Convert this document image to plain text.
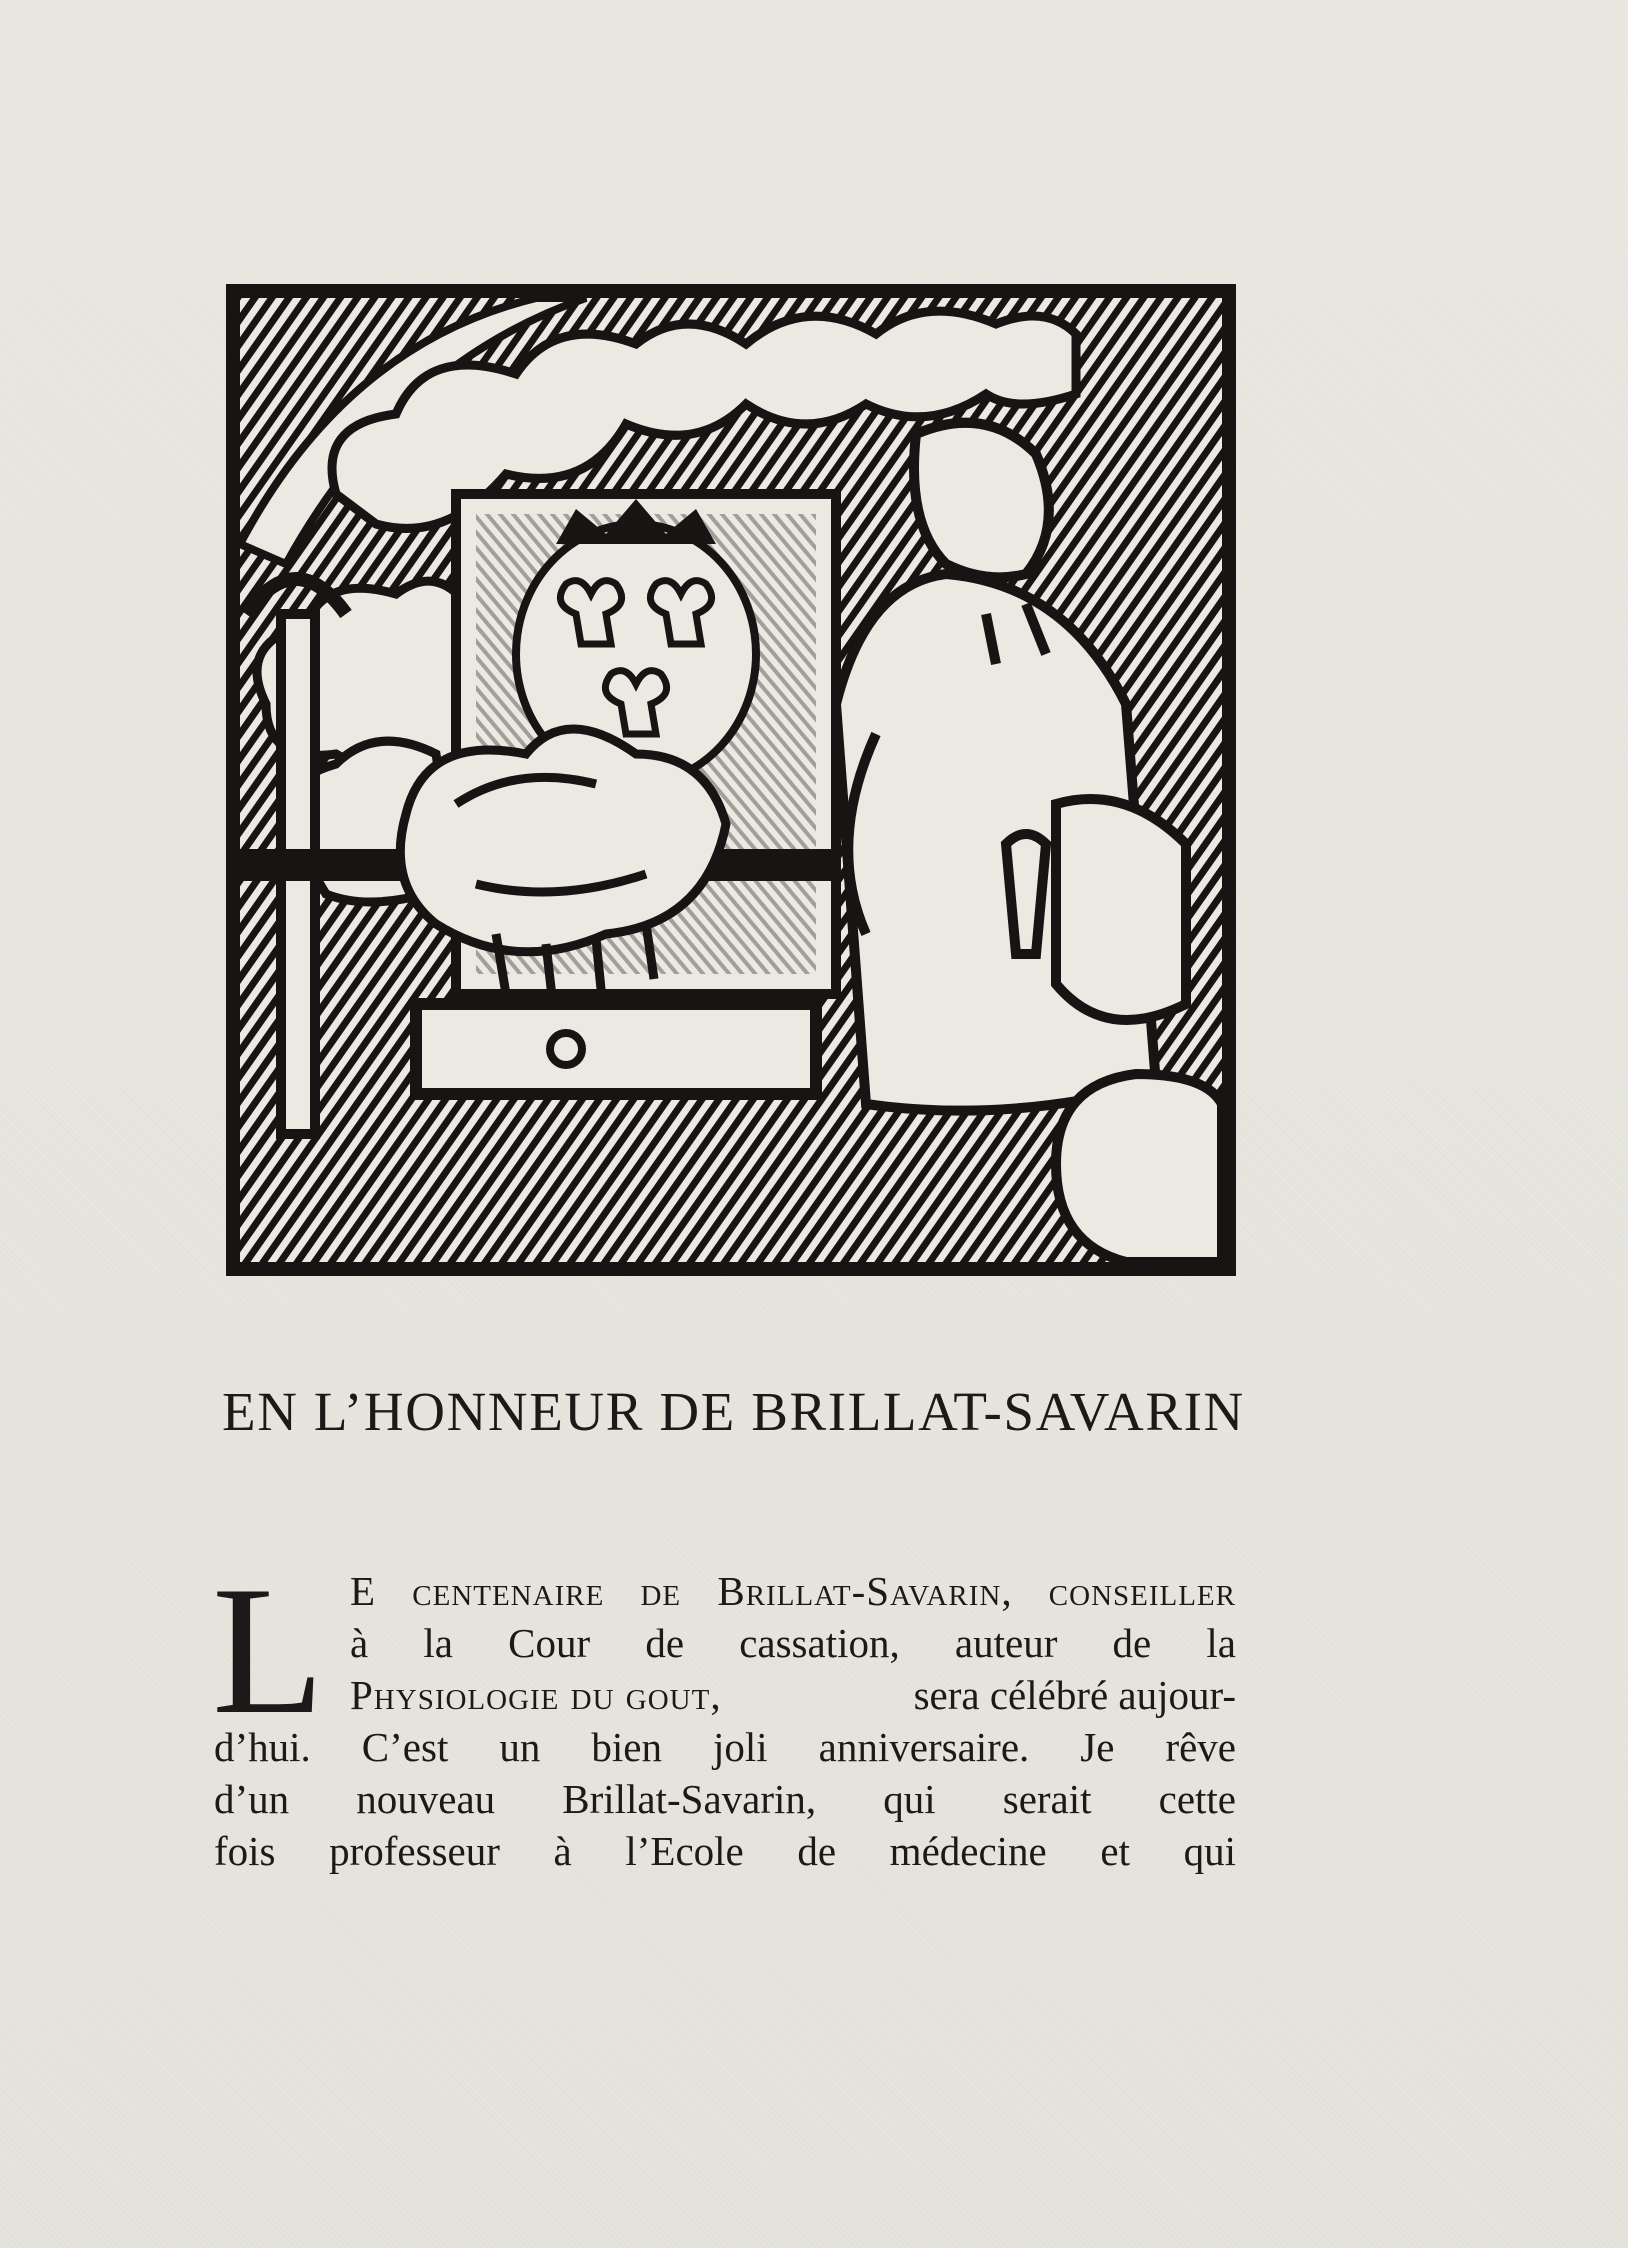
EN L’HONNEUR DE BRILLAT-SAVARIN
L E centenaire de Brillat-Savarin, conseiller

à la Cour de cassation, auteur de la

Physiologie du gout,	sera célébré aujour-

d’hui. C’est un bien joli anniversaire. Je rêve

d’un nouveau Brillat-Savarin, qui serait cette

fois professeur à l’Ecole de médecine et qui
